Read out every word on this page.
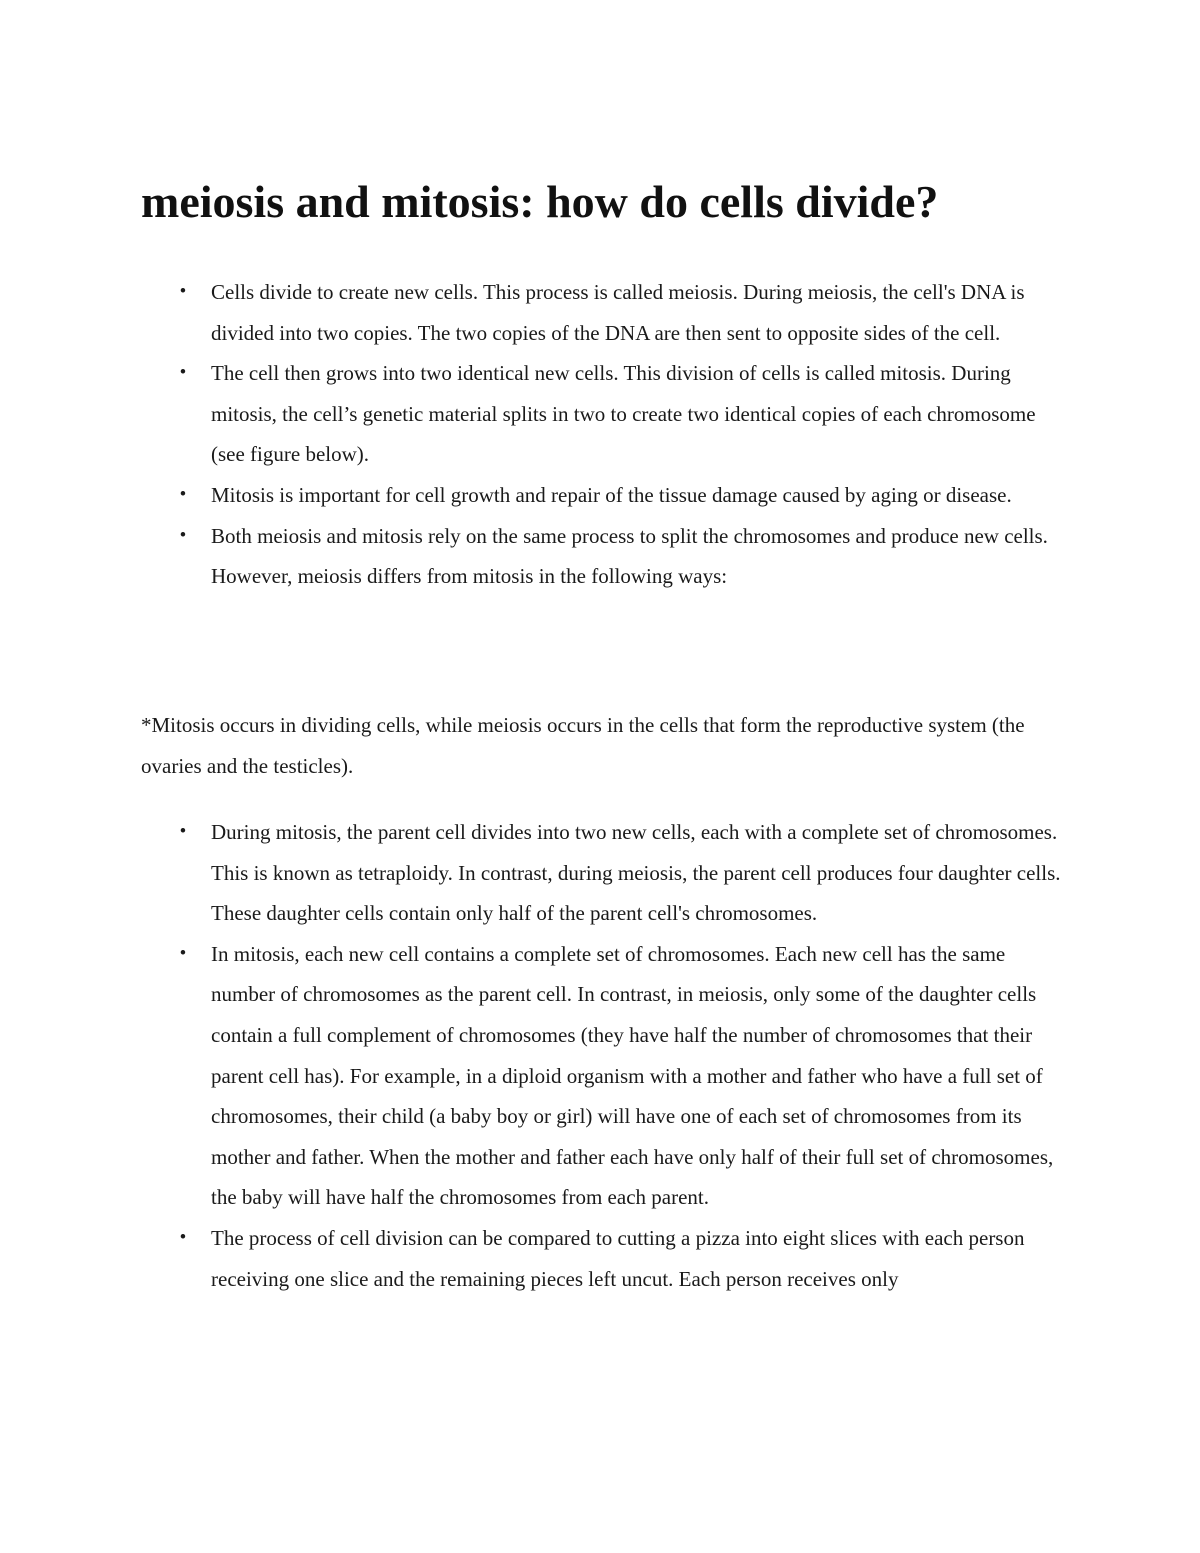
meiosis and mitosis: how do cells divide?
•	Cells divide to create new cells. This process is called meiosis. During meiosis, the cell's DNA is divided into two copies. The two copies of the DNA are then sent to opposite sides of the cell.
•	The cell then grows into two identical new cells. This division of cells is called mitosis. During mitosis, the cell’s genetic material splits in two to create two identical copies of each chromosome (see figure below).
•	Mitosis is important for cell growth and repair of the tissue damage caused by aging or disease.
•	Both meiosis and mitosis rely on the same process to split the chromosomes and produce new cells. However, meiosis differs from mitosis in the following ways:

*Mitosis occurs in dividing cells, while meiosis occurs in the cells that form the reproductive system (the ovaries and the testicles).

•	During mitosis, the parent cell divides into two new cells, each with a complete set of chromosomes. This is known as tetraploidy. In contrast, during meiosis, the parent cell produces four daughter cells. These daughter cells contain only half of the parent cell's chromosomes.
•	In mitosis, each new cell contains a complete set of chromosomes. Each new cell has the same number of chromosomes as the parent cell. In contrast, in meiosis, only some of the daughter cells contain a full complement of chromosomes (they have half the number of chromosomes that their parent cell has). For example, in a diploid organism with a mother and father who have a full set of chromosomes, their child (a baby boy or girl) will have one of each set of chromosomes from its mother and father. When the mother and father each have only half of their full set of chromosomes, the baby will have half the chromosomes from each parent.
•	The process of cell division can be compared to cutting a pizza into eight slices with each person receiving one slice and the remaining pieces left uncut. Each person receives only
